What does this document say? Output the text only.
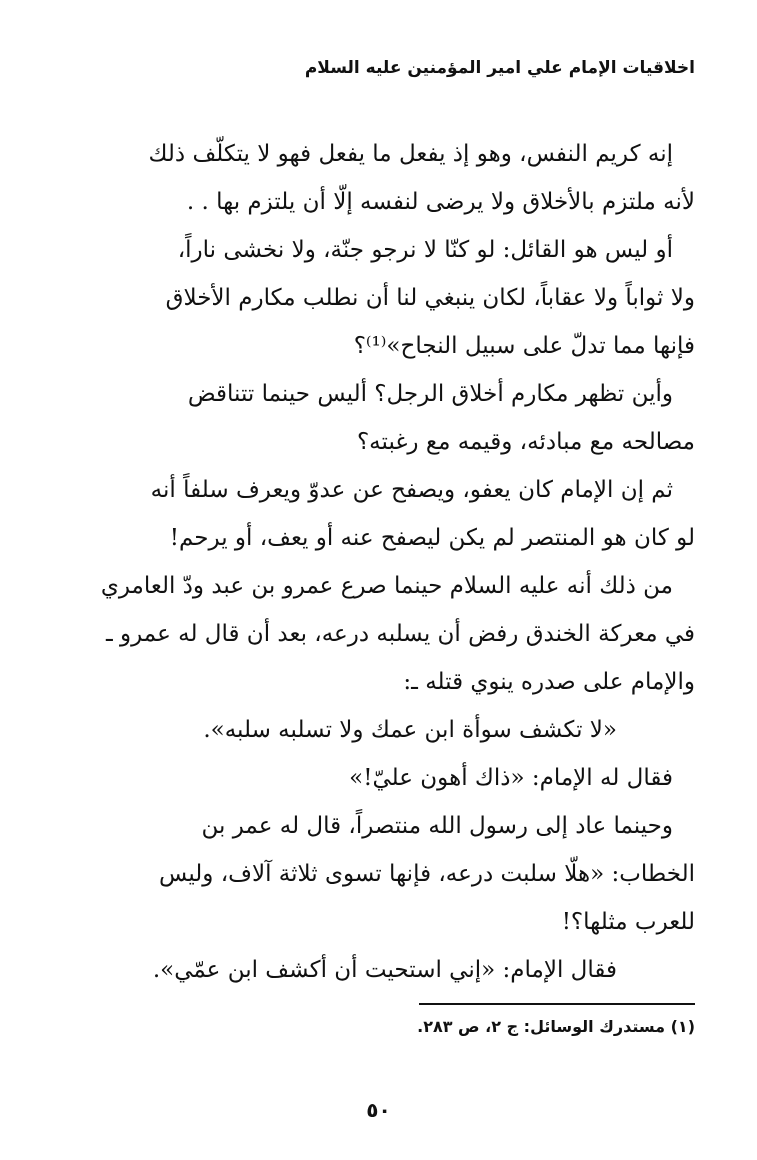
اخلاقيات الإمام علي امير المؤمنين عليه السلام
إنه كريم النفس، وهو إذ يفعل ما يفعل فهو لا يتكلّف ذلك
لأنه ملتزم بالأخلاق ولا يرضى لنفسه إلّا أن يلتزم بها . .
أو ليس هو القائل: لو كنّا لا نرجو جنّة، ولا نخشى ناراً،
ولا ثواباً ولا عقاباً، لكان ينبغي لنا أن نطلب مكارم الأخلاق
فإنها مما تدلّ على سبيل النجاح»⁽¹⁾؟
وأين تظهر مكارم أخلاق الرجل؟ أليس حينما تتناقض
مصالحه مع مبادئه، وقيمه مع رغبته؟
ثم إن الإمام كان يعفو، ويصفح عن عدوّ ويعرف سلفاً أنه
لو كان هو المنتصر لم يكن ليصفح عنه أو يعف، أو يرحم!
من ذلك أنه عليه السلام حينما صرع عمرو بن عبد ودّ العامري
في معركة الخندق رفض أن يسلبه درعه، بعد أن قال له عمرو ـ
والإمام على صدره ينوي قتله ـ:
«لا تكشف سوأة ابن عمك ولا تسلبه سلبه».
فقال له الإمام: «ذاك أهون عليّ!»
وحينما عاد إلى رسول الله منتصراً، قال له عمر بن
الخطاب: «هلّا سلبت درعه، فإنها تسوى ثلاثة آلاف، وليس
للعرب مثلها؟!
فقال الإمام: «إني استحيت أن أكشف ابن عمّي».
(١) مستدرك الوسائل: ج ٢، ص ٢٨٣.
٥٠
